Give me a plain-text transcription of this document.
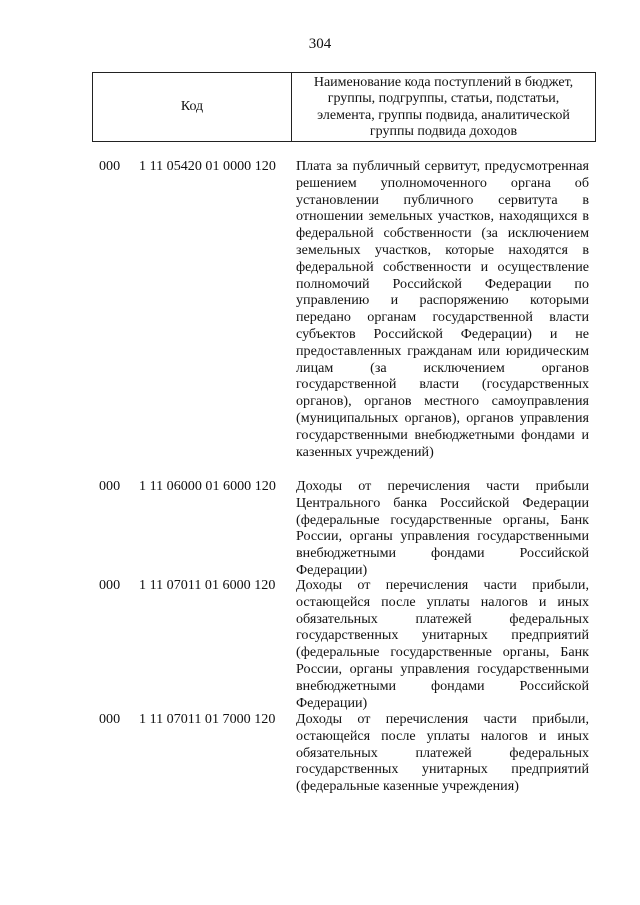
304
Код
Наименование кода поступлений в бюджет, группы, подгруппы, статьи, подстатьи, элемента, группы подвида, аналитической группы подвида доходов
000 1 11 05420 01 0000 120 Плата за публичный сервитут, предусмотренная решением уполномоченного органа об установлении публичного сервитута в отношении земельных участков, находящихся в федеральной собственности (за исключением земельных участков, которые находятся в федеральной собственности и осуществление полномочий Российской Федерации по управлению и распоряжению которыми передано органам государственной власти субъектов Российской Федерации) и не предоставленных гражданам или юридическим лицам (за исключением органов государственной власти (государственных органов), органов местного самоуправления (муниципальных органов), органов управления государственными внебюджетными фондами и казенных учреждений)
000 1 11 06000 01 6000 120 Доходы от перечисления части прибыли Центрального банка Российской Федерации (федеральные государственные органы, Банк России, органы управления государственными внебюджетными фондами Российской Федерации)
000 1 11 07011 01 6000 120 Доходы от перечисления части прибыли, остающейся после уплаты налогов и иных обязательных платежей федеральных государственных унитарных предприятий (федеральные государственные органы, Банк России, органы управления государственными внебюджетными фондами Российской Федерации)
000 1 11 07011 01 7000 120 Доходы от перечисления части прибыли, остающейся после уплаты налогов и иных обязательных платежей федеральных государственных унитарных предприятий (федеральные казенные учреждения)
